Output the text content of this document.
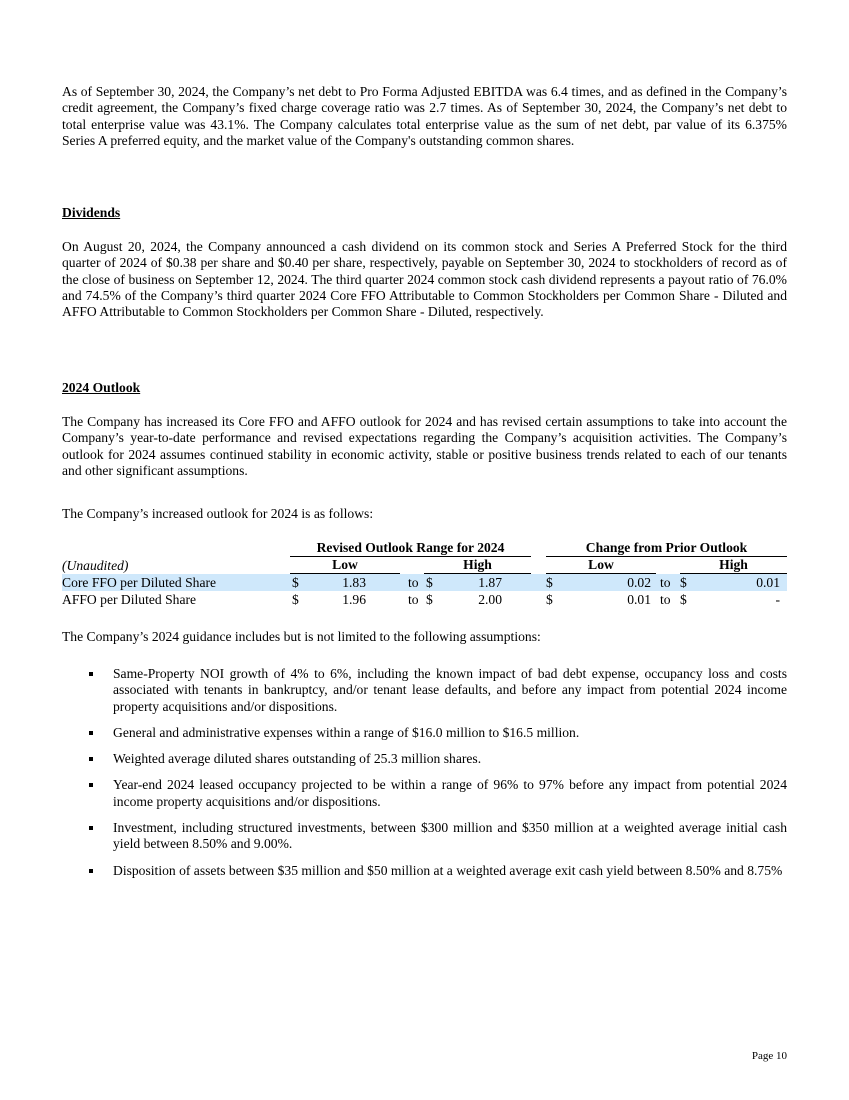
As of September 30, 2024, the Company’s net debt to Pro Forma Adjusted EBITDA was 6.4 times, and as defined in the Company’s credit agreement, the Company’s fixed charge coverage ratio was 2.7 times. As of September 30, 2024, the Company’s net debt to total enterprise value was 43.1%. The Company calculates total enterprise value as the sum of net debt, par value of its 6.375% Series A preferred equity, and the market value of the Company's outstanding common shares.

Dividends

On August 20, 2024, the Company announced a cash dividend on its common stock and Series A Preferred Stock for the third quarter of 2024 of $0.38 per share and $0.40 per share, respectively, payable on September 30, 2024 to stockholders of record as of the close of business on September 12, 2024. The third quarter 2024 common stock cash dividend represents a payout ratio of 76.0% and 74.5% of the Company’s third quarter 2024 Core FFO Attributable to Common Stockholders per Common Share - Diluted and AFFO Attributable to Common Stockholders per Common Share - Diluted, respectively.

2024 Outlook

The Company has increased its Core FFO and AFFO outlook for 2024 and has revised certain assumptions to take into account the Company’s year-to-date performance and revised expectations regarding the Company’s acquisition activities. The Company’s outlook for 2024 assumes continued stability in economic activity, stable or positive business trends related to each of our tenants and other significant assumptions.

The Company’s increased outlook for 2024 is as follows:

Revised Outlook Range for 2024	Change from Prior Outlook
(Unaudited)	Low	High	Low	High
Core FFO per Diluted Share	$	1.83	to $	1.87	$	0.02 to $	0.01
AFFO per Diluted Share	$	1.96	to $	2.00	$	0.01 to $	-

The Company’s 2024 guidance includes but is not limited to the following assumptions:

Same-Property NOI growth of 4% to 6%, including the known impact of bad debt expense, occupancy loss and costs associated with tenants in bankruptcy, and/or tenant lease defaults, and before any impact from potential 2024 income property acquisitions and/or dispositions.
General and administrative expenses within a range of $16.0 million to $16.5 million.
Weighted average diluted shares outstanding of 25.3 million shares.
Year-end 2024 leased occupancy projected to be within a range of 96% to 97% before any impact from potential 2024 income property acquisitions and/or dispositions.
Investment, including structured investments, between $300 million and $350 million at a weighted average initial cash yield between 8.50% and 9.00%.
Disposition of assets between $35 million and $50 million at a weighted average exit cash yield between 8.50% and 8.75%
Page 10
